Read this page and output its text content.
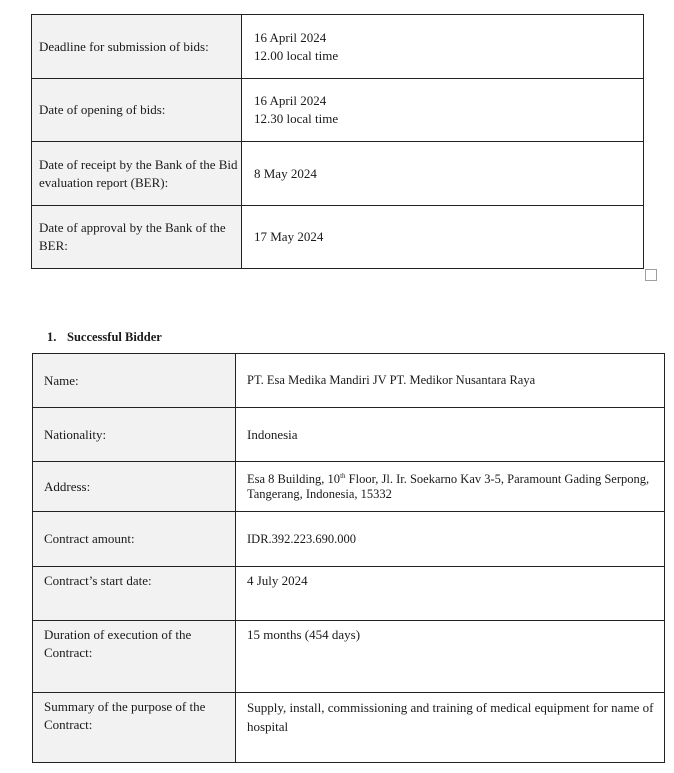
Deadline for submission of bids:	16 April 2024
12.00 local time

Date of opening of bids:	16 April 2024
12.30 local time

Date of receipt by the Bank of the Bid evaluation report (BER):	8 May 2024
Date of approval by the Bank of the BER:	17 May 2024
1. Successful Bidder
Name:	PT. Esa Medika Mandiri JV PT. Medikor Nusantara Raya
Nationality:	Indonesia
Address:	Esa 8 Building, 10th Floor, Jl. Ir. Soekarno Kav 3-5, Paramount Gading Serpong, Tangerang, Indonesia, 15332
Contract amount:	IDR.392.223.690.000
Contract’s start date:	4 July 2024
Duration of execution of the Contract:	15 months (454 days)
Summary of the purpose of the Contract:	Supply, install, commissioning and training of medical equipment for name of hospital
